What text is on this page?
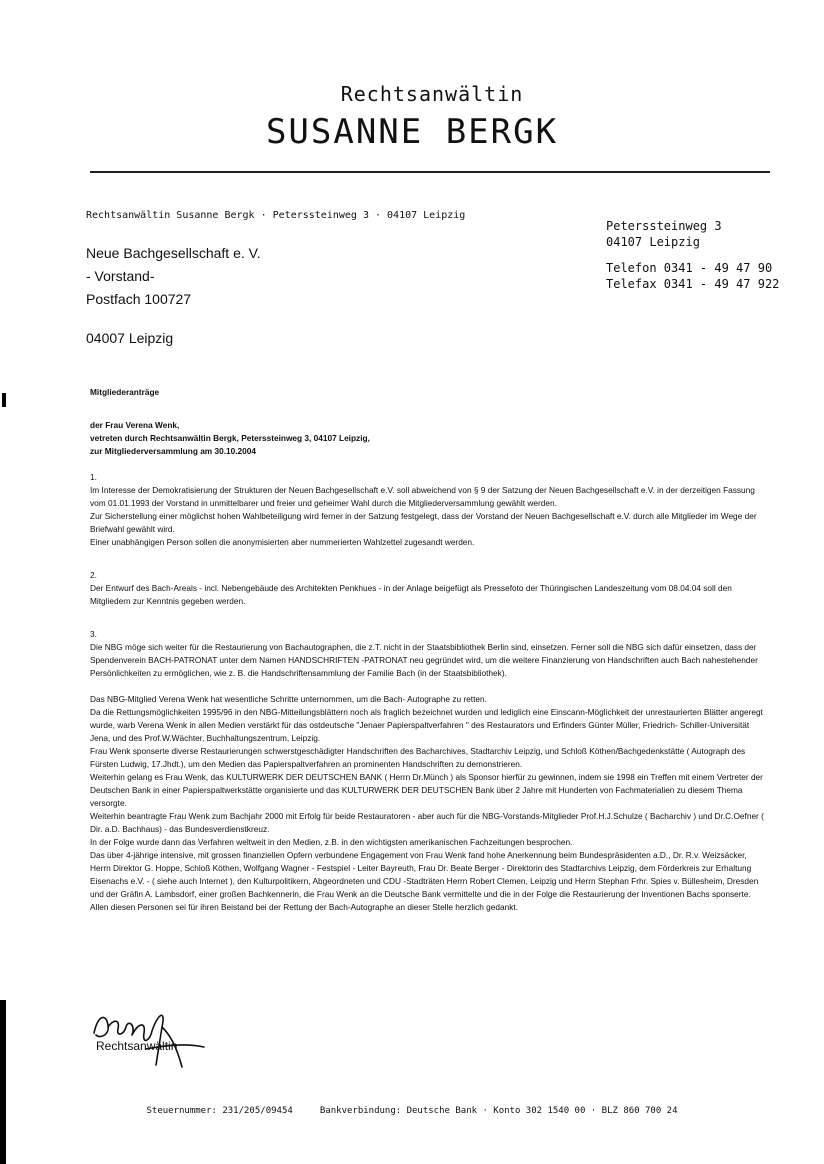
Rechtsanwältin
SUSANNE BERGK
Rechtsanwältin Susanne Bergk · Peterssteinweg 3 · 04107 Leipzig
Neue Bachgesellschaft e. V.
- Vorstand-
Postfach 100727
04007 Leipzig
Peterssteinweg 3
04107 Leipzig
Telefon 0341 - 49 47 90
Telefax 0341 - 49 47 922

Mitgliederanträge

der Frau Verena Wenk,

vetreten durch Rechtsanwältin Bergk, Peterssteinweg 3, 04107 Leipzig,

zur Mitgliederversammlung am 30.10.2004

1.

Im Interesse der Demokratisierung der Strukturen der Neuen Bachgesellschaft e.V. soll abweichend von § 9 der Satzung der Neuen Bachgesellschaft e.V. in der derzeitigen Fassung vom 01.01.1993 der Vorstand in unmittelbarer und freier und geheimer Wahl durch die Mitgliederversammlung gewählt werden.

Zur Sicherstellung einer möglichst hohen Wahlbeteiligung wird ferner in der Satzung festgelegt, dass der Vorstand der Neuen Bachgesellschaft e.V. durch alle Mitglieder im Wege der Briefwahl gewählt wird.

Einer unabhängigen Person sollen die anonymisierten aber nummerierten Wahlzettel zugesandt werden.

2.

Der Entwurf des Bach-Areals - incl. Nebengebäude des Architekten Penkhues - in der Anlage beigefügt als Pressefoto der Thüringischen Landeszeitung vom 08.04.04 soll den Mitgliedern zur Kenntnis gegeben werden.

3.

Die NBG möge sich weiter für die Restaurierung von Bachautographen, die z.T. nicht in der Staatsbibliothek Berlin sind, einsetzen. Ferner soll die NBG sich dafür einsetzen, dass der Spendenverein BACH-PATRONAT unter dem Namen HANDSCHRIFTEN -PATRONAT neu gegründet wird, um die weitere Finanzierung von Handschriften auch Bach nahestehender Persönlichkeiten zu ermöglichen, wie z. B. die Handschriftensammlung der Familie Bach (in der Staatsbibliothek).

Das NBG-Mitglied Verena Wenk hat wesentliche Schritte unternommen, um die Bach- Autographe zu retten.

Da die Rettungsmöglichkeiten 1995/96 in den NBG-Mitteilungsblättern noch als fraglich bezeichnet wurden und lediglich eine Einscann-Möglichkeit der unrestaurierten Blätter angeregt wurde, warb Verena Wenk in allen Medien verstärkt für das ostdeutsche "Jenaer Papierspaltverfahren " des Restaurators und Erfinders Günter Müller, Friedrich- Schiller-Universität Jena, und des Prof.W.Wächter, Buchhaltungszentrum, Leipzig.

Frau Wenk sponserte diverse Restaurierungen schwerstgeschädigter Handschriften des Bacharchives, Stadtarchiv Leipzig, und Schloß Köthen/Bachgedenkstätte ( Autograph des Fürsten Ludwig, 17.Jhdt.), um den Medien das Papierspaltverfahren an prominenten Handschriften zu demonstrieren.

Weiterhin gelang es Frau Wenk, das KULTURWERK DER DEUTSCHEN BANK ( Herrn Dr.Münch ) als Sponsor hierfür zu gewinnen, indem sie 1998 ein Treffen mit einem Vertreter der Deutschen Bank in einer Papierspaltwerkstätte organisierte und das KULTURWERK DER DEUTSCHEN Bank über 2 Jahre mit Hunderten von Fachmaterialien zu diesem Thema versorgte.

Weiterhin beantragte Frau Wenk zum Bachjahr 2000 mit Erfolg für beide Restauratoren - aber auch für die NBG-Vorstands-Mitglieder Prof.H.J.Schulze ( Bacharchiv ) und Dr.C.Oefner ( Dir. a.D. Bachhaus) - das Bundesverdienstkreuz.

In der Folge wurde dann das Verfahren weltweit in den Medien, z.B. in den wichtigsten amerikanischen Fachzeitungen besprochen.

Das über 4-jährige intensive, mit grossen finanziellen Opfern verbundene Engagement von Frau Wenk fand hohe Anerkennung beim Bundespräsidenten a.D., Dr. R.v. Weizsäcker, Herrn Direktor G. Hoppe, Schloß Köthen, Wolfgang Wagner - Festspiel - Leiter Bayreuth, Frau Dr. Beate Berger - Direktorin des Stadtarchivs Leipzig, dem Förderkreis zur Erhaltung Eisenachs e.V. - ( siehe auch Internet ), den Kulturpolitikern, Abgeordneten und CDU -Stadträten Herrn Robert Clemen, Leipzig und Herrn Stephan Frhr. Spies v. Büllesheim, Dresden und der Gräfin A. Lambsdorf, einer großen Bachkennerin, die Frau Wenk an die Deutsche Bank vermittelte und die in der Folge die Restaurierung der Inventionen Bachs sponserte.

Allen diesen Personen sei für ihren Beistand bei der Rettung der Bach-Autographe an dieser Stelle herzlich gedankt.

Rechtsanwältin
Steuernummer: 231/205/09454	Bankverbindung: Deutsche Bank · Konto 302 1540 00 · BLZ 860 700 24
